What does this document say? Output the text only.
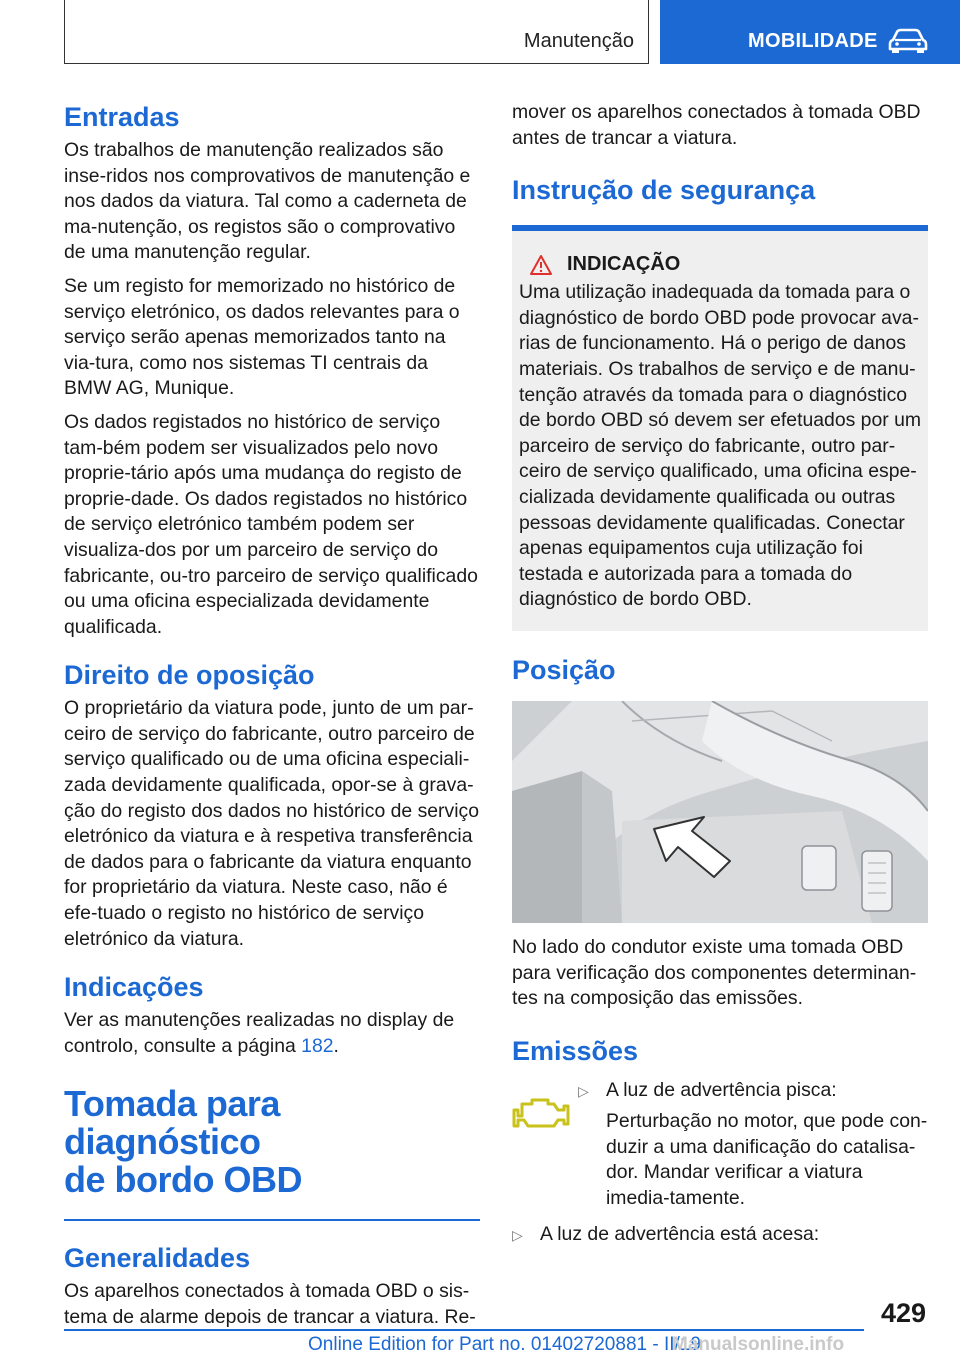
Manutenção	MOBILIDADE
Entradas

Os trabalhos de manutenção realizados são inse-ridos nos comprovativos de manutenção e nos dados da viatura. Tal como a caderneta de ma-nutenção, os registos são o comprovativo de uma manutenção regular.

Se um registo for memorizado no histórico de serviço eletrónico, os dados relevantes para o serviço serão apenas memorizados tanto na via-tura, como nos sistemas TI centrais da BMW AG, Munique.

Os dados registados no histórico de serviço tam-bém podem ser visualizados pelo novo proprie-tário após uma mudança do registo de proprie-dade. Os dados registados no histórico de serviço eletrónico também podem ser visualiza-dos por um parceiro de serviço do fabricante, ou-tro parceiro de serviço qualificado ou uma oficina especializada devidamente qualificada.

Direito de oposição

O proprietário da viatura pode, junto de um par-ceiro de serviço do fabricante, outro parceiro de serviço qualificado ou de uma oficina especiali-zada devidamente qualificada, opor-se à grava-ção do registo dos dados no histórico de serviço eletrónico da viatura e à respetiva transferência de dados para o fabricante da viatura enquanto for proprietário da viatura. Neste caso, não é efe-tuado o registo no histórico de serviço eletrónico da viatura.

Indicações

Ver as manutenções realizadas no display de controlo, consulte a página 182.

Tomada para diagnóstico
de bordo OBD
Generalidades

Os aparelhos conectados à tomada OBD o sis-tema de alarme depois de trancar a viatura. Re-

mover os aparelhos conectados à tomada OBD antes de trancar a viatura.

Instrução de segurança
INDICAÇÃO

Uma utilização inadequada da tomada para o diagnóstico de bordo OBD pode provocar ava-rias de funcionamento. Há o perigo de danos materiais. Os trabalhos de serviço e de manu-tenção através da tomada para o diagnóstico de bordo OBD só devem ser efetuados por um parceiro de serviço do fabricante, outro par-ceiro de serviço qualificado, uma oficina espe-cializada devidamente qualificada ou outras pessoas devidamente qualificadas. Conectar apenas equipamentos cuja utilização foi testada e autorizada para a tomada do diagnóstico de bordo OBD.

Posição

No lado do condutor existe uma tomada OBD para verificação dos componentes determinan-tes na composição das emissões.

Emissões
▷ A luz de advertência pisca:

Perturbação no motor, que pode con-duzir a uma danificação do catalisa-dor. Mandar verificar a viatura imedia-tamente.

▷ A luz de advertência está acesa:

429
Online Edition for Part no. 01402720881 - II/19
Manualsonline.info
